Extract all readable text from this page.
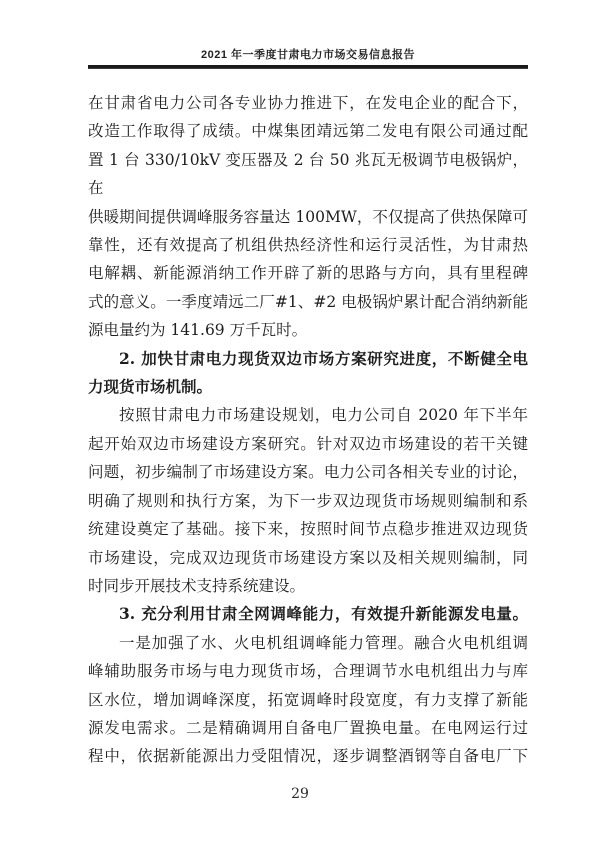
2021 年一季度甘肃电力市场交易信息报告
在甘肃省电力公司各专业协力推进下，在发电企业的配合下，
改造工作取得了成绩。中煤集团靖远第二发电有限公司通过配
置 1 台 330/10kV 变压器及 2 台 50 兆瓦无极调节电极锅炉，在
供暖期间提供调峰服务容量达 100MW，不仅提高了供热保障可
靠性，还有效提高了机组供热经济性和运行灵活性，为甘肃热
电解耦、新能源消纳工作开辟了新的思路与方向，具有里程碑
式的意义。一季度靖远二厂#1、#2 电极锅炉累计配合消纳新能
源电量约为 141.69 万千瓦时。
2. 加快甘肃电力现货双边市场方案研究进度，不断健全电
力现货市场机制。
按照甘肃电力市场建设规划，电力公司自 2020 年下半年
起开始双边市场建设方案研究。针对双边市场建设的若干关键
问题，初步编制了市场建设方案。电力公司各相关专业的讨论，
明确了规则和执行方案，为下一步双边现货市场规则编制和系
统建设奠定了基础。接下来，按照时间节点稳步推进双边现货
市场建设，完成双边现货市场建设方案以及相关规则编制，同
时同步开展技术支持系统建设。
3. 充分利用甘肃全网调峰能力，有效提升新能源发电量。
一是加强了水、火电机组调峰能力管理。融合火电机组调
峰辅助服务市场与电力现货市场，合理调节水电机组出力与库
区水位，增加调峰深度，拓宽调峰时段宽度，有力支撑了新能
源发电需求。二是精确调用自备电厂置换电量。在电网运行过
程中，依据新能源出力受阻情况，逐步调整酒钢等自备电厂下
29
